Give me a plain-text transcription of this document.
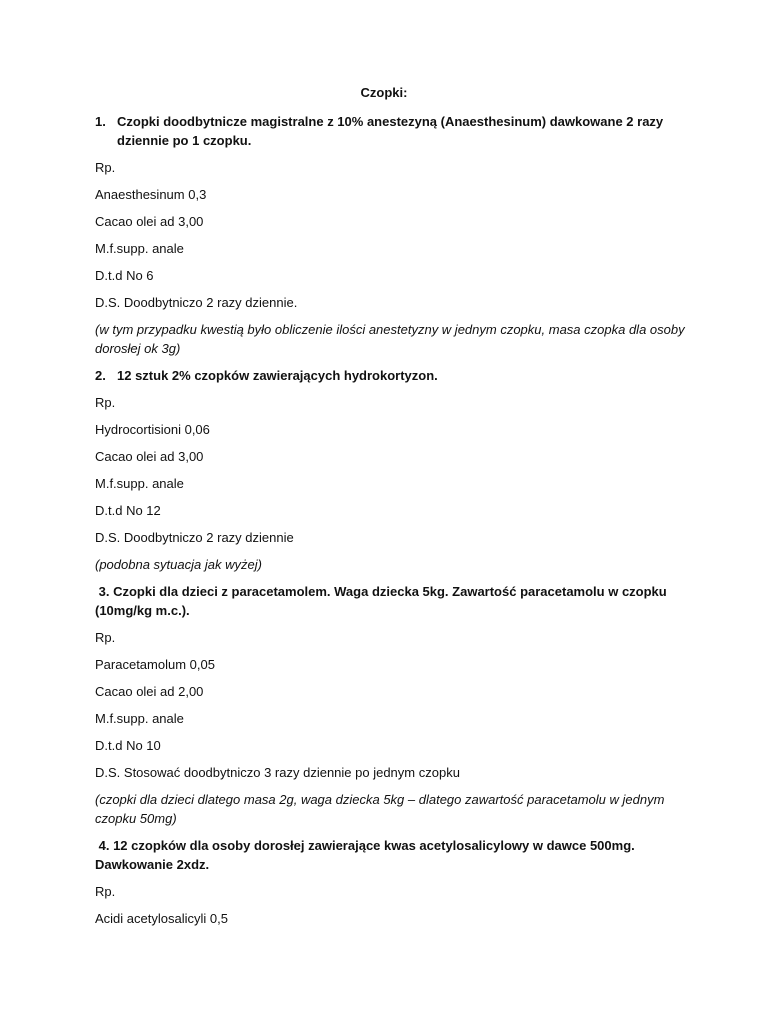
Czopki:
1. Czopki doodbytnicze magistralne z 10% anestezyną (Anaesthesinum) dawkowane 2 razy dziennie po 1 czopku.
Rp.
Anaesthesinum 0,3
Cacao olei ad 3,00
M.f.supp. anale
D.t.d No 6
D.S. Doodbytniczo 2 razy dziennie.
(w tym przypadku kwestią było obliczenie ilości anestetyzny w jednym czopku, masa czopka dla osoby dorosłej ok 3g)
2. 12 sztuk 2% czopków zawierających hydrokortyzon.
Rp.
Hydrocortisioni 0,06
Cacao olei ad 3,00
M.f.supp. anale
D.t.d No 12
D.S. Doodbytniczo 2 razy dziennie
(podobna sytuacja jak wyżej)
3. Czopki dla dzieci z paracetamolem. Waga dziecka 5kg. Zawartość paracetamolu w czopku (10mg/kg m.c.).
Rp.
Paracetamolum 0,05
Cacao olei ad 2,00
M.f.supp. anale
D.t.d No 10
D.S. Stosować doodbytniczo 3 razy dziennie po jednym czopku
(czopki dla dzieci dlatego masa 2g, waga dziecka 5kg – dlatego zawartość paracetamolu w jednym czopku 50mg)
4. 12 czopków dla osoby dorosłej zawierające kwas acetylosalicylowy w dawce 500mg. Dawkowanie 2xdz.
Rp.
Acidi acetylosalicyli 0,5
